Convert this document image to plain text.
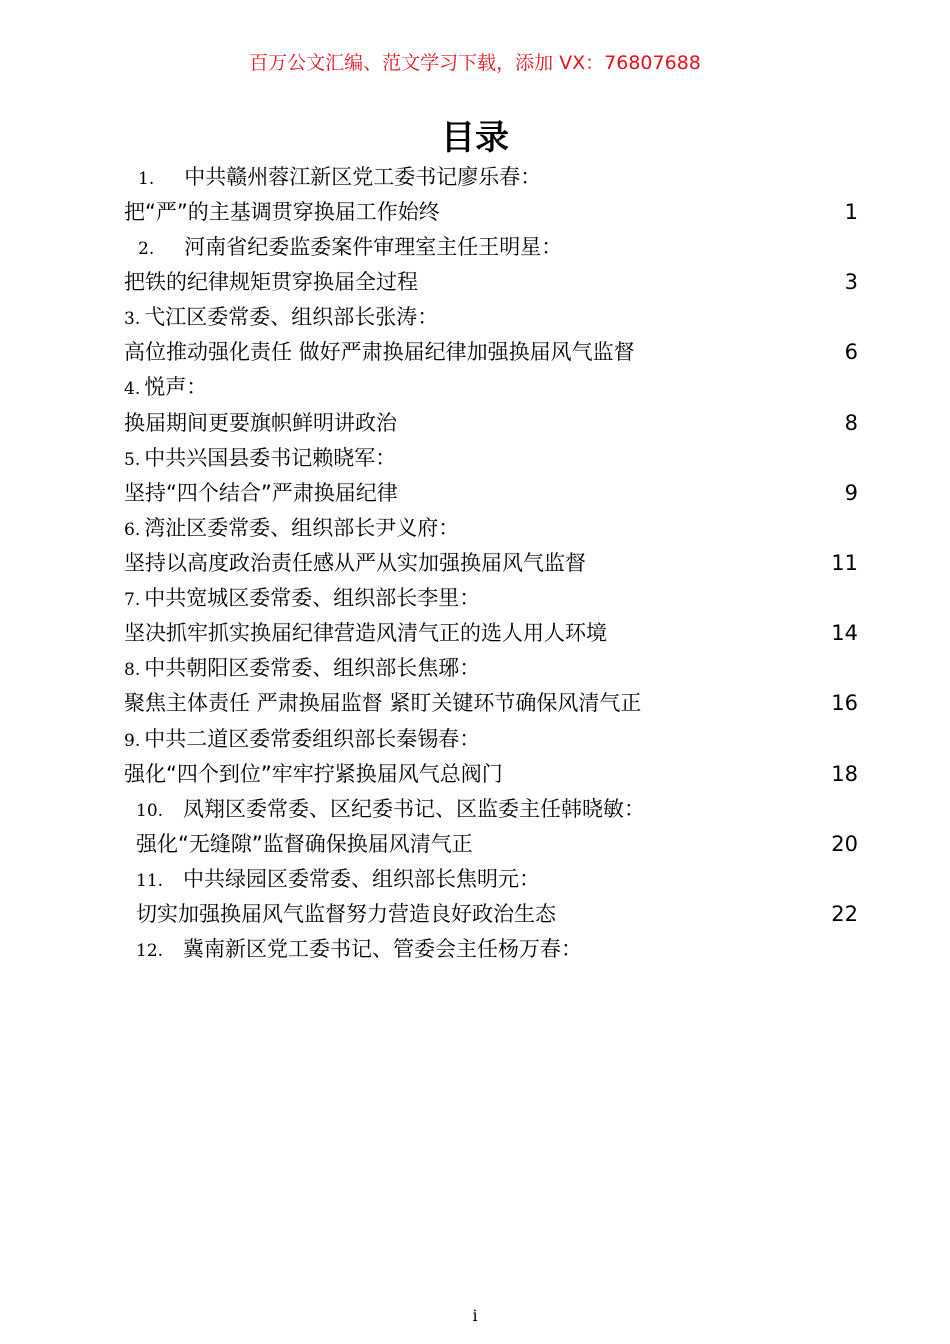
百万公文汇编、范文学习下载，添加 VX：76807688
目录
1. 中共赣州蓉江新区党工委书记廖乐春：
把“严”的主基调贯穿换届工作始终	1
2. 河南省纪委监委案件审理室主任王明星：
把铁的纪律规矩贯穿换届全过程	3
3. 弋江区委常委、组织部长张涛：
高位推动强化责任 做好严肃换届纪律加强换届风气监督	6
4. 悦声：
换届期间更要旗帜鲜明讲政治	8
5. 中共兴国县委书记赖晓军：
坚持“四个结合”严肃换届纪律	9
6. 湾沚区委常委、组织部长尹义府：
坚持以高度政治责任感从严从实加强换届风气监督	11
7. 中共宽城区委常委、组织部长李里：
坚决抓牢抓实换届纪律营造风清气正的选人用人环境	14
8. 中共朝阳区委常委、组织部长焦琊：
聚焦主体责任 严肃换届监督 紧盯关键环节确保风清气正	16
9. 中共二道区委常委组织部长秦锡春：
强化“四个到位”牢牢拧紧换届风气总阀门	18
10. 凤翔区委常委、区纪委书记、区监委主任韩晓敏：
强化“无缝隙”监督确保换届风清气正	20
11. 中共绿园区委常委、组织部长焦明元：
切实加强换届风气监督努力营造良好政治生态	22
12. 冀南新区党工委书记、管委会主任杨万春：
i
